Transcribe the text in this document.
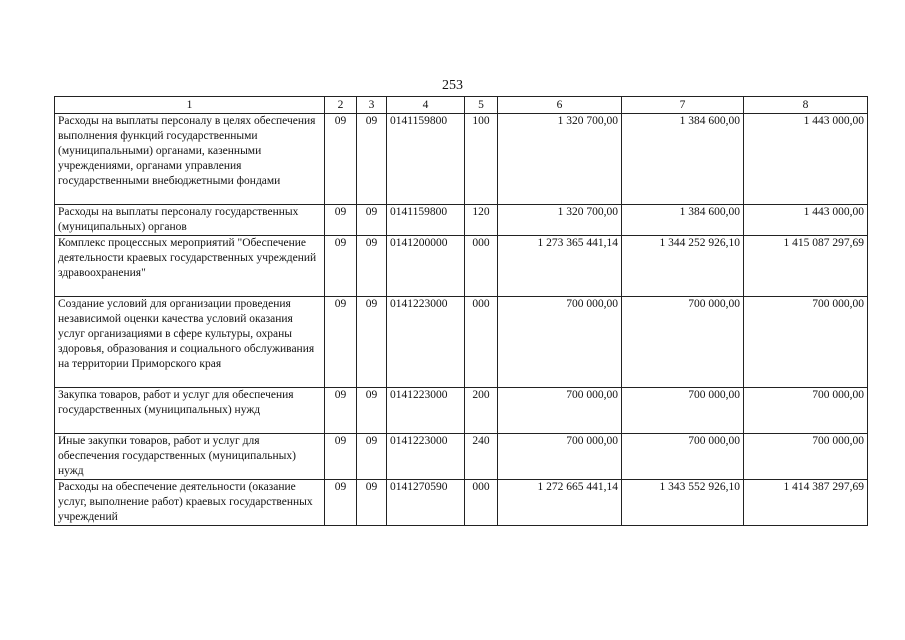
253
1	2	3	4	5	6	7	8
Расходы на выплаты персоналу в целях обеспечения выполнения функций государственными (муниципальными) органами, казенными учреждениями, органами управления государственными внебюджетными фондами	09	09	0141159800	100	1 320 700,00	1 384 600,00	1 443 000,00
Расходы на выплаты персоналу государственных (муниципальных) органов	09	09	0141159800	120	1 320 700,00	1 384 600,00	1 443 000,00
Комплекс процессных мероприятий "Обеспечение деятельности краевых государственных учреждений здравоохранения"	09	09	0141200000	000	1 273 365 441,14	1 344 252 926,10	1 415 087 297,69
Создание условий для организации проведения независимой оценки качества условий оказания услуг организациями в сфере культуры, охраны здоровья, образования и социального обслуживания на территории Приморского края	09	09	0141223000	000	700 000,00	700 000,00	700 000,00
Закупка товаров, работ и услуг для обеспечения государственных (муниципальных) нужд	09	09	0141223000	200	700 000,00	700 000,00	700 000,00
Иные закупки товаров, работ и услуг для обеспечения государственных (муниципальных) нужд	09	09	0141223000	240	700 000,00	700 000,00	700 000,00
Расходы на обеспечение деятельности (оказание услуг, выполнение работ) краевых государственных учреждений	09	09	0141270590	000	1 272 665 441,14	1 343 552 926,10	1 414 387 297,69
